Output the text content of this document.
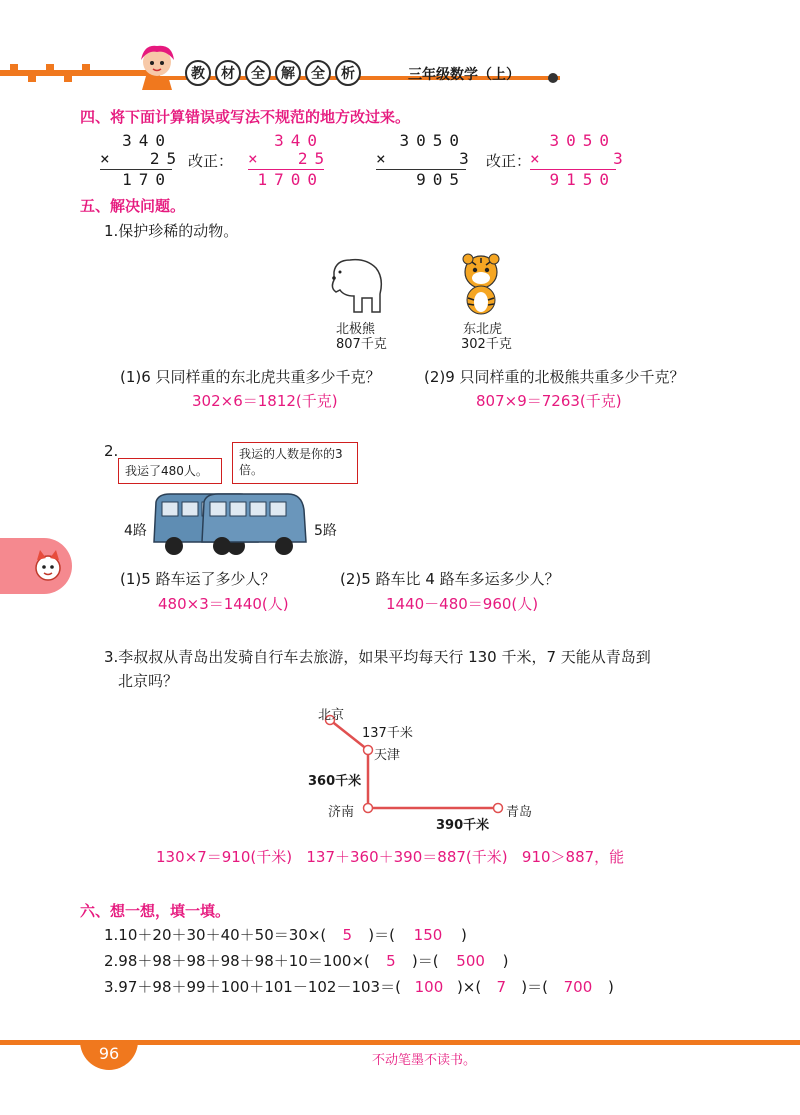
教	材	全	解	全	析	三年级数学（上）
四、将下面计算错误或写法不规范的地方改过来。
340
×  25
170
改正：
340
×  25
1700
3050
×    3
905
改正：
3050
×    3
9150
五、解决问题。
1.保护珍稀的动物。
北极熊
807千克
东北虎
302千克
(1)6 只同样重的东北虎共重多少千克？	(2)9 只同样重的北极熊共重多少千克？
302×6＝1812(千克)	807×9＝7263(千克)
2.
我运了480人。
我运的人数是你的3倍。
4路	5路
(1)5 路车运了多少人？	(2)5 路车比 4 路车多运多少人？
480×3＝1440(人)	1440－480＝960(人)
3.李叔叔从青岛出发骑自行车去旅游，如果平均每天行 130 千米，7 天能从青岛到
北京吗？
北京
137千米
天津
360千米
济南	青岛
390千米
130×7＝910(千米)   137＋360＋390＝887(千米)   910＞887，能
六、想一想，填一填。
1.10＋20＋30＋40＋50＝30×( 5 )＝( 150 )
2.98＋98＋98＋98＋98＋10＝100×( 5 )＝( 500 )
3.97＋98＋99＋100＋101－102－103＝( 100 )×( 7 )＝( 700 )
96	不动笔墨不读书。
